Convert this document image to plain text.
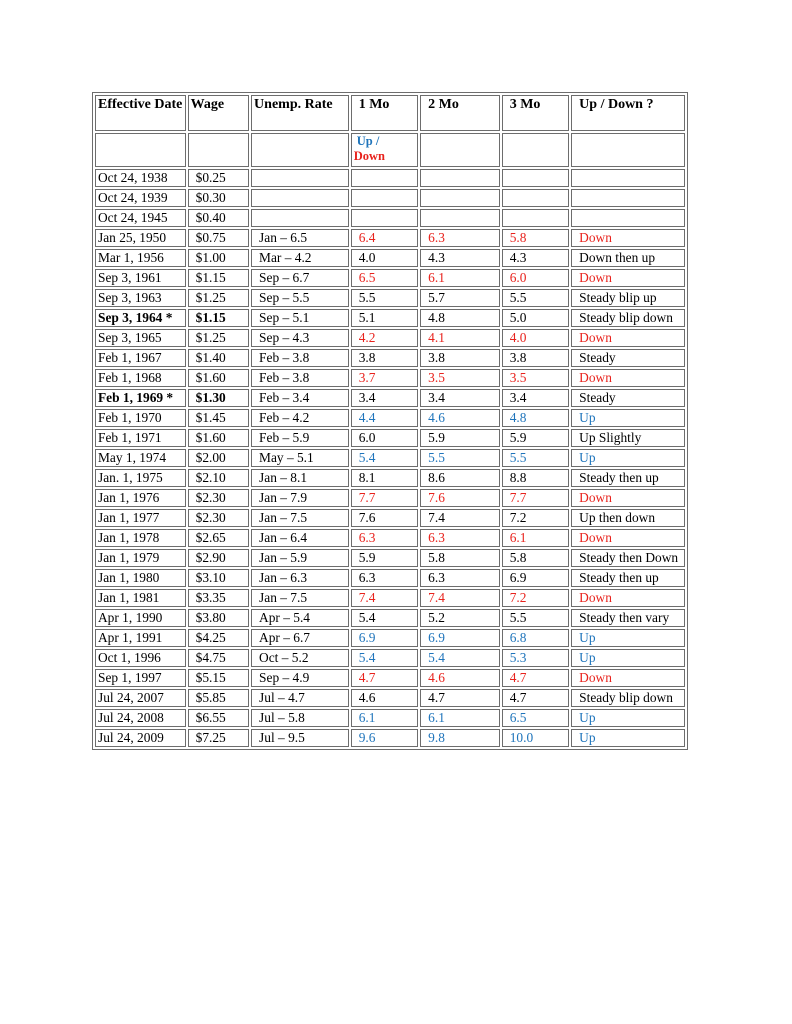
Effective Date	Wage	Unemp. Rate	1 Mo	2 Mo	3 Mo	Up / Down ?

			Up /
Down			

Oct 24, 1938	$0.25					
Oct 24, 1939	$0.30					
Oct 24, 1945	$0.40					
Jan 25, 1950	$0.75	Jan – 6.5	6.4	6.3	5.8	Down
Mar 1, 1956	$1.00	Mar – 4.2	4.0	4.3	4.3	Down then up
Sep 3, 1961	$1.15	Sep – 6.7	6.5	6.1	6.0	Down
Sep 3, 1963	$1.25	Sep – 5.5	5.5	5.7	5.5	Steady blip up
Sep 3, 1964 *	$1.15	Sep – 5.1	5.1	4.8	5.0	Steady blip down
Sep 3, 1965	$1.25	Sep – 4.3	4.2	4.1	4.0	Down
Feb 1, 1967	$1.40	Feb – 3.8	3.8	3.8	3.8	Steady
Feb 1, 1968	$1.60	Feb – 3.8	3.7	3.5	3.5	Down
Feb 1, 1969 *	$1.30	Feb – 3.4	3.4	3.4	3.4	Steady
Feb 1, 1970	$1.45	Feb – 4.2	4.4	4.6	4.8	Up
Feb 1, 1971	$1.60	Feb – 5.9	6.0	5.9	5.9	Up Slightly
May 1, 1974	$2.00	May – 5.1	5.4	5.5	5.5	Up
Jan. 1, 1975	$2.10	Jan – 8.1	8.1	8.6	8.8	Steady then up
Jan 1, 1976	$2.30	Jan – 7.9	7.7	7.6	7.7	Down
Jan 1, 1977	$2.30	Jan – 7.5	7.6	7.4	7.2	Up then down
Jan 1, 1978	$2.65	Jan – 6.4	6.3	6.3	6.1	Down
Jan 1, 1979	$2.90	Jan – 5.9	5.9	5.8	5.8	Steady then Down
Jan 1, 1980	$3.10	Jan – 6.3	6.3	6.3	6.9	Steady then up
Jan 1, 1981	$3.35	Jan – 7.5	7.4	7.4	7.2	Down
Apr 1, 1990	$3.80	Apr – 5.4	5.4	5.2	5.5	Steady then vary
Apr 1, 1991	$4.25	Apr – 6.7	6.9	6.9	6.8	Up
Oct 1, 1996	$4.75	Oct – 5.2	5.4	5.4	5.3	Up
Sep 1, 1997	$5.15	Sep – 4.9	4.7	4.6	4.7	Down
Jul 24, 2007	$5.85	Jul – 4.7	4.6	4.7	4.7	Steady blip down
Jul 24, 2008	$6.55	Jul – 5.8	6.1	6.1	6.5	Up
Jul 24, 2009	$7.25	Jul – 9.5	9.6	9.8	10.0	Up
